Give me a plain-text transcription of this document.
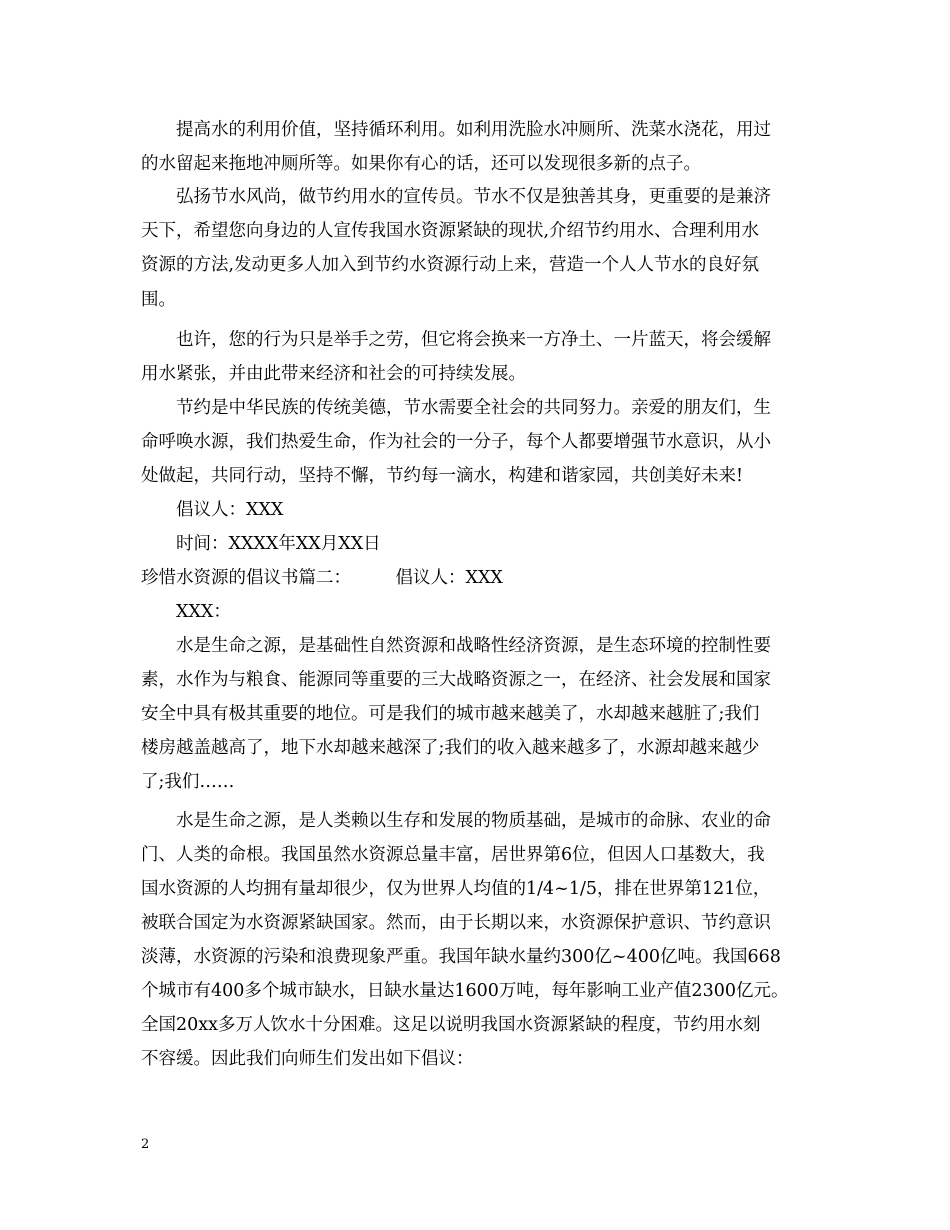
提高水的利用价值，坚持循环利用。如利用洗脸水冲厕所、洗菜水浇花，用过
的水留起来拖地冲厕所等。如果你有心的话，还可以发现很多新的点子。
弘扬节水风尚，做节约用水的宣传员。节水不仅是独善其身，更重要的是兼济
天下，希望您向身边的人宣传我国水资源紧缺的现状,介绍节约用水、合理利用水
资源的方法,发动更多人加入到节约水资源行动上来，营造一个人人节水的良好氛
围。
也许，您的行为只是举手之劳，但它将会换来一方净土、一片蓝天，将会缓解
用水紧张，并由此带来经济和社会的可持续发展。
节约是中华民族的传统美德，节水需要全社会的共同努力。亲爱的朋友们，生
命呼唤水源，我们热爱生命，作为社会的一分子，每个人都要增强节水意识，从小
处做起，共同行动，坚持不懈，节约每一滴水，构建和谐家园，共创美好未来!
倡议人：XXX
时间：XXXX年XX月XX日
珍惜水资源的倡议书篇二：        倡议人：XXX
XXX：
水是生命之源，是基础性自然资源和战略性经济资源，是生态环境的控制性要
素，水作为与粮食、能源同等重要的三大战略资源之一，在经济、社会发展和国家
安全中具有极其重要的地位。可是我们的城市越来越美了，水却越来越脏了;我们
楼房越盖越高了，地下水却越来越深了;我们的收入越来越多了，水源却越来越少
了;我们……
水是生命之源，是人类赖以生存和发展的物质基础，是城市的命脉、农业的命
门、人类的命根。我国虽然水资源总量丰富，居世界第6位，但因人口基数大，我
国水资源的人均拥有量却很少，仅为世界人均值的1/4~1/5，排在世界第121位，
被联合国定为水资源紧缺国家。然而，由于长期以来，水资源保护意识、节约意识
淡薄，水资源的污染和浪费现象严重。我国年缺水量约300亿~400亿吨。我国668
个城市有400多个城市缺水，日缺水量达1600万吨，每年影响工业产值2300亿元。
全国20xx多万人饮水十分困难。这足以说明我国水资源紧缺的程度，节约用水刻
不容缓。因此我们向师生们发出如下倡议：
2
